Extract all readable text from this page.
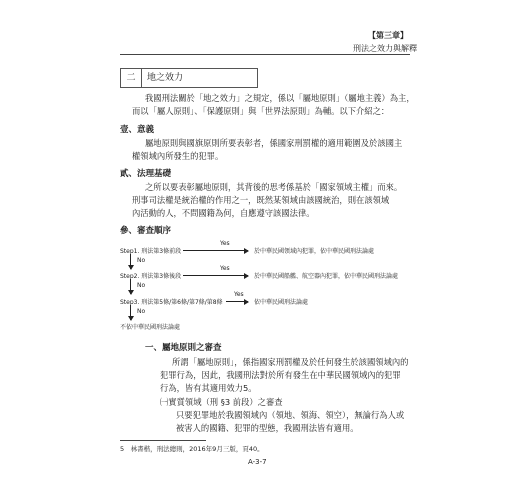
【第三章】
刑法之效力與解釋
二	地之效力
我國刑法關於「地之效力」之規定，係以「屬地原則」（屬地主義）為主，
而以「屬人原則」、「保護原則」與「世界法原則」為輔。以下介紹之：
壹、意義
屬地原則與國旗原則所要表彰者，係國家刑罰權的適用範圍及於該國主
權領域內所發生的犯罪。
貳、法理基礎
之所以要表彰屬地原則，其背後的思考係基於「國家領域主權」而來。
刑事司法權是統治權的作用之一，既然某領域由該國統治，則在該領域
內活動的人，不問國籍為何，自應遵守該國法律。
參、審查順序
Step1. 刑法第3條前段
Yes
於中華民國領域內犯罪，依中華民國刑法論處
No
Step2. 刑法第3條後段
Yes
於中華民國船艦、航空器內犯罪，依中華民國刑法論處
No
Step3. 刑法第5條/第6條/第7條/第8條
Yes
依中華民國刑法論處
No
不依中華民國刑法論處
一、屬地原則之審查
所謂「屬地原則」，係指國家刑罰權及於任何發生於該國領域內的
犯罪行為，因此，我國刑法對於所有發生在中華民國領域內的犯罪
行為，皆有其適用效力5。
㈠實質領域（刑 §3 前段）之審查
只要犯罪地於我國領域內（領地、領海、領空），無論行為人或
5　林書楷，刑法總則，2016年9月三版，頁40。
A-3-7
被害人的國籍、犯罪的型態，我國刑法皆有適用。
